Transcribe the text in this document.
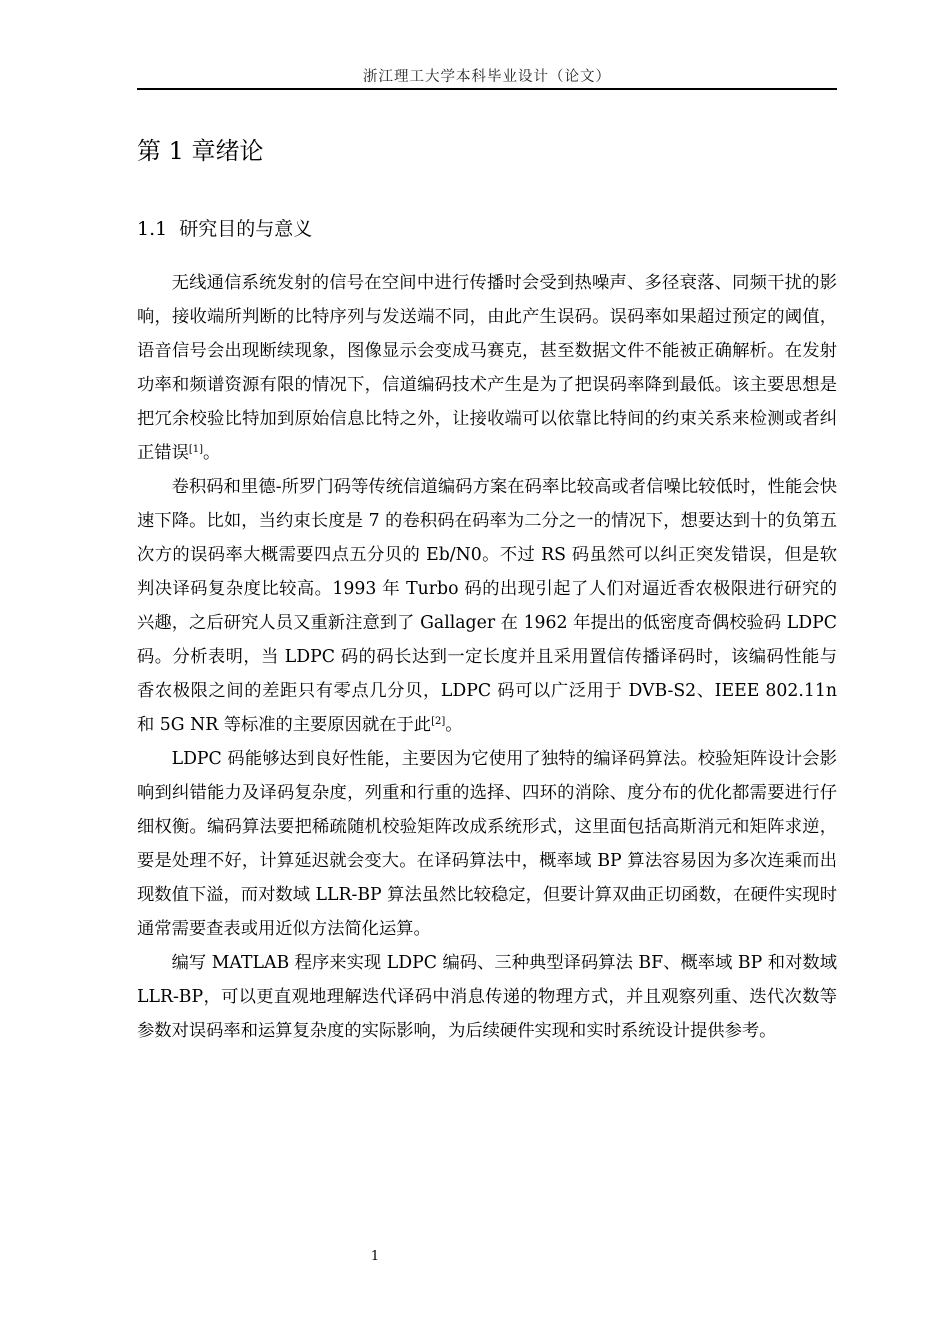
浙江理工大学本科毕业设计（论文）
第 1 章绪论
1.1 研究目的与意义

无线通信系统发射的信号在空间中进行传播时会受到热噪声、多径衰落、同频干扰的影响，接收端所判断的比特序列与发送端不同，由此产生误码。误码率如果超过预定的阈值，语音信号会出现断续现象，图像显示会变成马赛克，甚至数据文件不能被正确解析。在发射功率和频谱资源有限的情况下，信道编码技术产生是为了把误码率降到最低。该主要思想是把冗余校验比特加到原始信息比特之外，让接收端可以依靠比特间的约束关系来检测或者纠正错误[1]。

卷积码和里德-所罗门码等传统信道编码方案在码率比较高或者信噪比较低时，性能会快速下降。比如，当约束长度是 7 的卷积码在码率为二分之一的情况下，想要达到十的负第五次方的误码率大概需要四点五分贝的 Eb/N0。不过 RS 码虽然可以纠正突发错误，但是软判决译码复杂度比较高。1993 年 Turbo 码的出现引起了人们对逼近香农极限进行研究的兴趣，之后研究人员又重新注意到了 Gallager 在 1962 年提出的低密度奇偶校验码 LDPC 码。分析表明，当 LDPC 码的码长达到一定长度并且采用置信传播译码时，该编码性能与香农极限之间的差距只有零点几分贝，LDPC 码可以广泛用于 DVB-S2、IEEE 802.11n 和 5G NR 等标准的主要原因就在于此[2]。

LDPC 码能够达到良好性能，主要因为它使用了独特的编译码算法。校验矩阵设计会影响到纠错能力及译码复杂度，列重和行重的选择、四环的消除、度分布的优化都需要进行仔细权衡。编码算法要把稀疏随机校验矩阵改成系统形式，这里面包括高斯消元和矩阵求逆，要是处理不好，计算延迟就会变大。在译码算法中，概率域 BP 算法容易因为多次连乘而出现数值下溢，而对数域 LLR-BP 算法虽然比较稳定，但要计算双曲正切函数，在硬件实现时通常需要查表或用近似方法简化运算。

编写 MATLAB 程序来实现 LDPC 编码、三种典型译码算法 BF、概率域 BP 和对数域 LLR-BP，可以更直观地理解迭代译码中消息传递的物理方式，并且观察列重、迭代次数等参数对误码率和运算复杂度的实际影响，为后续硬件实现和实时系统设计提供参考。

1
